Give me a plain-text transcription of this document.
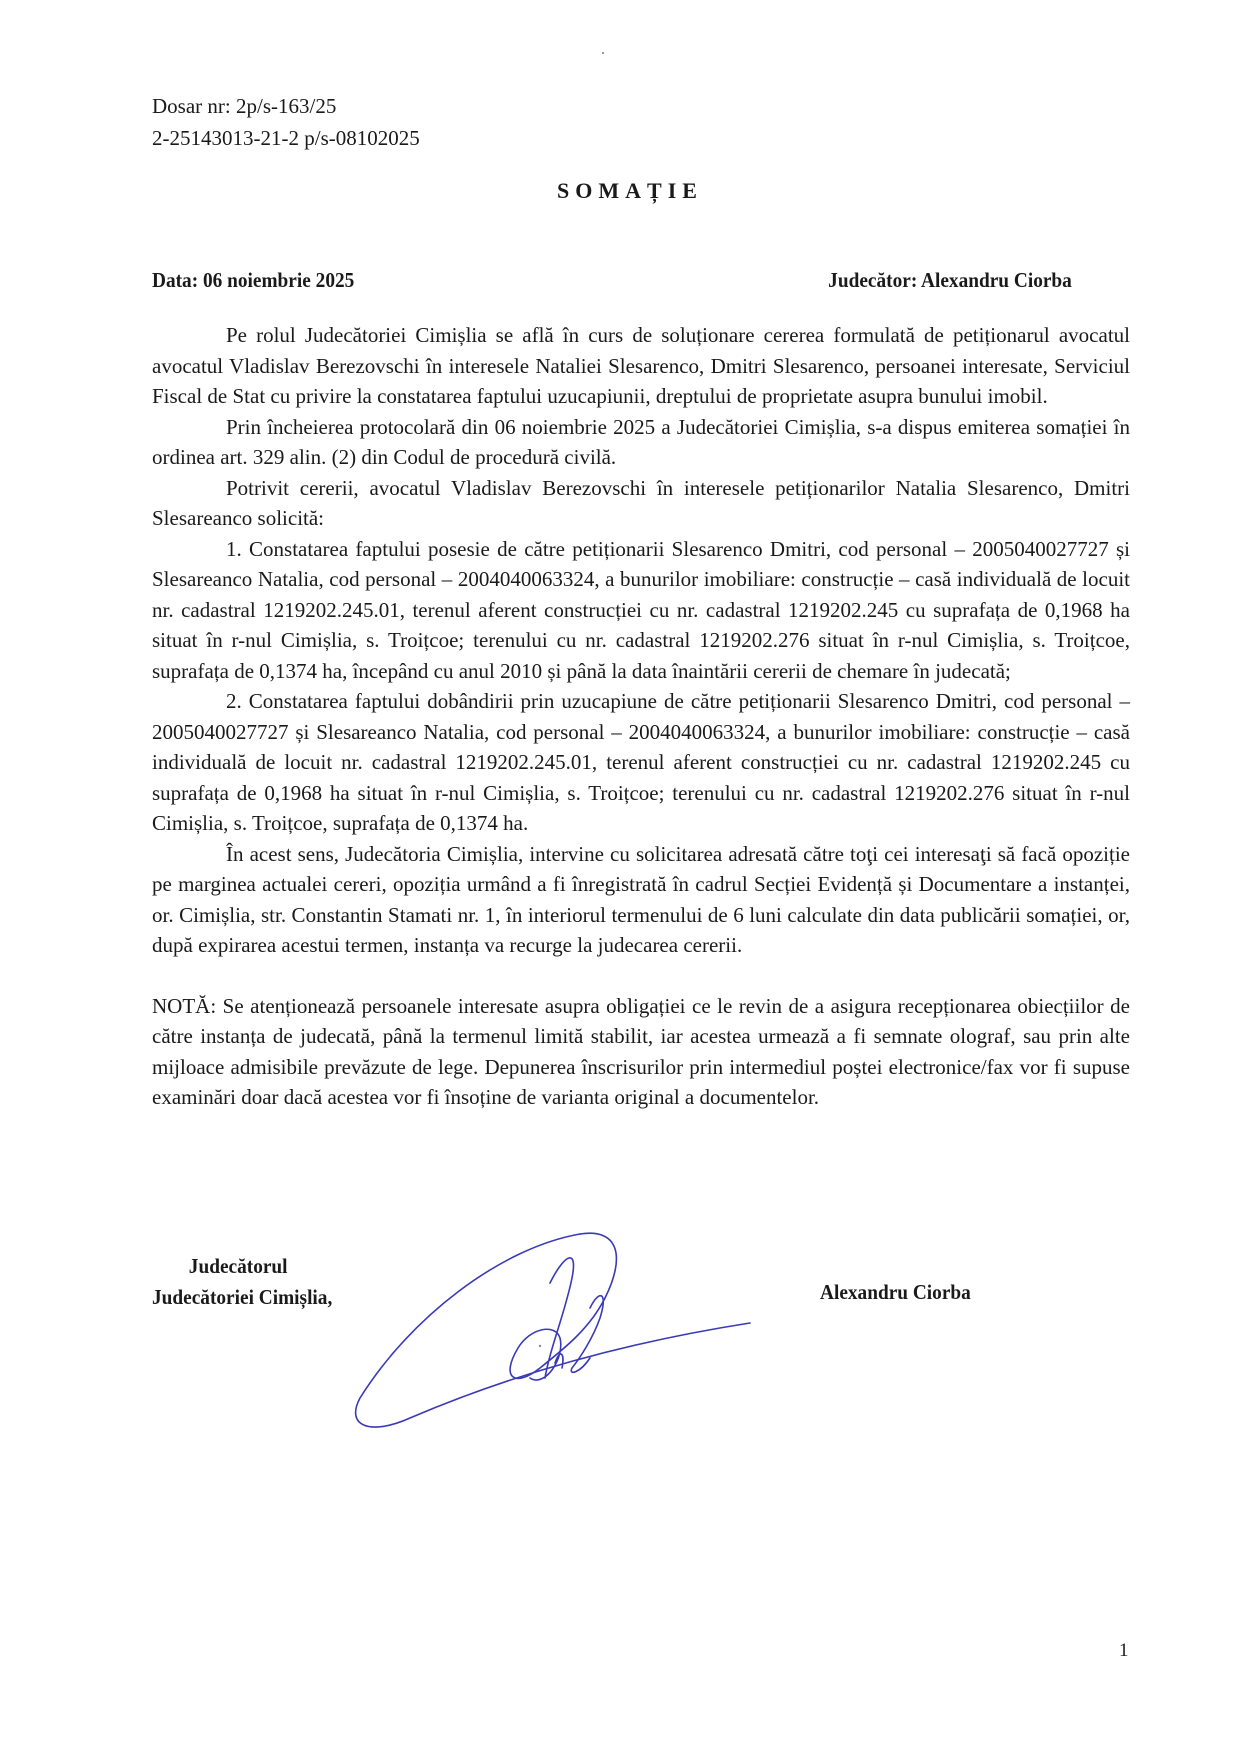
Dosar nr: 2p/s-163/25
2-25143013-21-2 p/s-08102025
SOMAȚIE
Data: 06 noiembrie 2025	Judecător: Alexandru Ciorba

Pe rolul Judecătoriei Cimișlia se află în curs de soluționare cererea formulată de petiționarul avocatul avocatul Vladislav Berezovschi în interesele Nataliei Slesarenco, Dmitri Slesarenco, persoanei interesate, Serviciul Fiscal de Stat cu privire la constatarea faptului uzucapiunii, dreptului de proprietate asupra bunului imobil.

Prin încheierea protocolară din 06 noiembrie 2025 a Judecătoriei Cimișlia, s-a dispus emiterea somației în ordinea art. 329 alin. (2) din Codul de procedură civilă.

Potrivit cererii, avocatul Vladislav Berezovschi în interesele petiționarilor Natalia Slesarenco, Dmitri Slesareanco solicită:

1. Constatarea faptului posesie de către petiționarii Slesarenco Dmitri, cod personal – 2005040027727 și Slesareanco Natalia, cod personal – 2004040063324, a bunurilor imobiliare: construcție – casă individuală de locuit nr. cadastral 1219202.245.01, terenul aferent construcției cu nr. cadastral 1219202.245 cu suprafața de 0,1968 ha situat în r-nul Cimișlia, s. Troițcoe; terenului cu nr. cadastral 1219202.276 situat în r-nul Cimișlia, s. Troițcoe, suprafața de 0,1374 ha, începând cu anul 2010 și până la data înaintării cererii de chemare în judecată;

2. Constatarea faptului dobândirii prin uzucapiune de către petiționarii Slesarenco Dmitri, cod personal – 2005040027727 și Slesareanco Natalia, cod personal – 2004040063324, a bunurilor imobiliare: construcție – casă individuală de locuit nr. cadastral 1219202.245.01, terenul aferent construcției cu nr. cadastral 1219202.245 cu suprafața de 0,1968 ha situat în r-nul Cimișlia, s. Troițcoe; terenului cu nr. cadastral 1219202.276 situat în r-nul Cimișlia, s. Troițcoe, suprafața de 0,1374 ha.

În acest sens, Judecătoria Cimișlia, intervine cu solicitarea adresată către toţi cei interesaţi să facă opoziție pe marginea actualei cereri, opoziția urmând a fi înregistrată în cadrul Secției Evidență și Documentare a instanței, or. Cimișlia, str. Constantin Stamati nr. 1, în interiorul termenului de 6 luni calculate din data publicării somației, or, după expirarea acestui termen, instanța va recurge la judecarea cererii.

NOTĂ: Se atenționează persoanele interesate asupra obligației ce le revin de a asigura recepționarea obiecțiilor de către instanța de judecată, până la termenul limită stabilit, iar acestea urmează a fi semnate olograf, sau prin alte mijloace admisibile prevăzute de lege. Depunerea înscrisurilor prin intermediul poștei electronice/fax vor fi supuse examinări doar dacă acestea vor fi însoține de varianta original a documentelor.

Judecătorul
Judecătoriei Cimișlia,	Alexandru Ciorba
1
